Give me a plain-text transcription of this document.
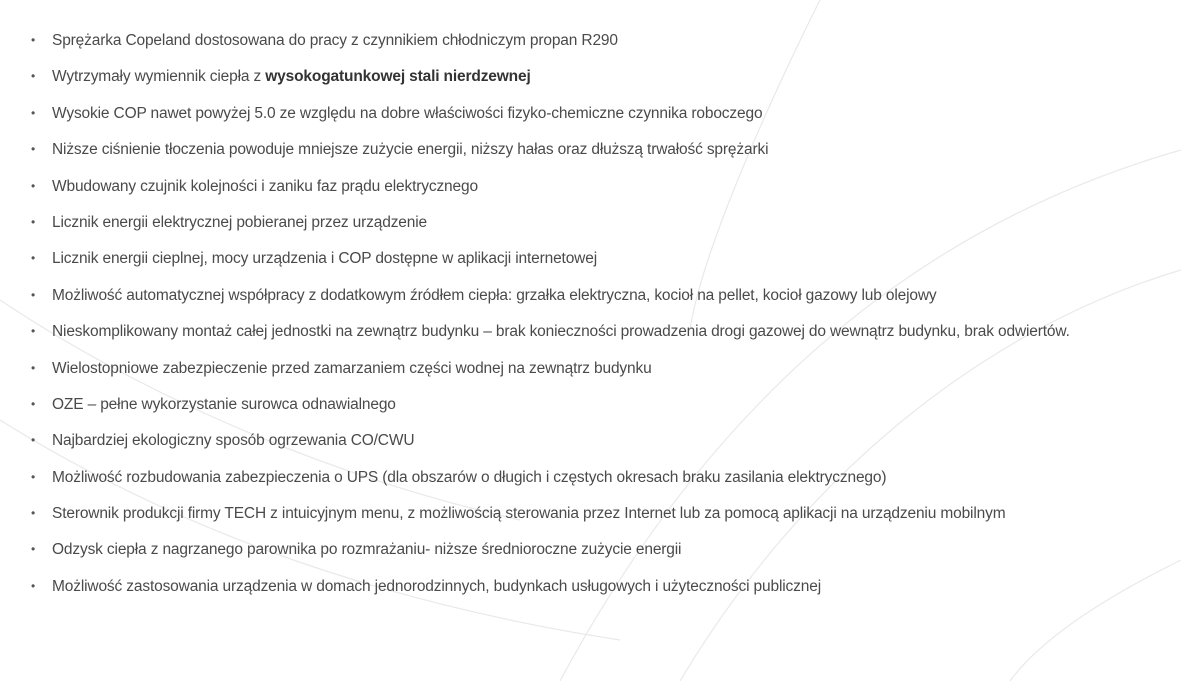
• Sprężarka Copeland dostosowana do pracy z czynnikiem chłodniczym propan R290
• Wytrzymały wymiennik ciepła z wysokogatunkowej stali nierdzewnej
• Wysokie COP nawet powyżej 5.0 ze względu na dobre właściwości fizyko-chemiczne czynnika roboczego
• Niższe ciśnienie tłoczenia powoduje mniejsze zużycie energii, niższy hałas oraz dłuższą trwałość sprężarki
• Wbudowany czujnik kolejności i zaniku faz prądu elektrycznego
• Licznik energii elektrycznej pobieranej przez urządzenie
• Licznik energii cieplnej, mocy urządzenia i COP dostępne w aplikacji internetowej
• Możliwość automatycznej współpracy z dodatkowym źródłem ciepła: grzałka elektryczna, kocioł na pellet, kocioł gazowy lub olejowy
• Nieskomplikowany montaż całej jednostki na zewnątrz budynku – brak konieczności prowadzenia drogi gazowej do wewnątrz budynku, brak odwiertów.
• Wielostopniowe zabezpieczenie przed zamarzaniem części wodnej na zewnątrz budynku
• OZE – pełne wykorzystanie surowca odnawialnego
• Najbardziej ekologiczny sposób ogrzewania CO/CWU
• Możliwość rozbudowania zabezpieczenia o UPS (dla obszarów o długich i częstych okresach braku zasilania elektrycznego)
• Sterownik produkcji firmy TECH z intuicyjnym menu, z możliwością sterowania przez Internet lub za pomocą aplikacji na urządzeniu mobilnym
• Odzysk ciepła z nagrzanego parownika po rozmrażaniu- niższe średnioroczne zużycie energii
• Możliwość zastosowania urządzenia w domach jednorodzinnych, budynkach usługowych i użyteczności publicznej
